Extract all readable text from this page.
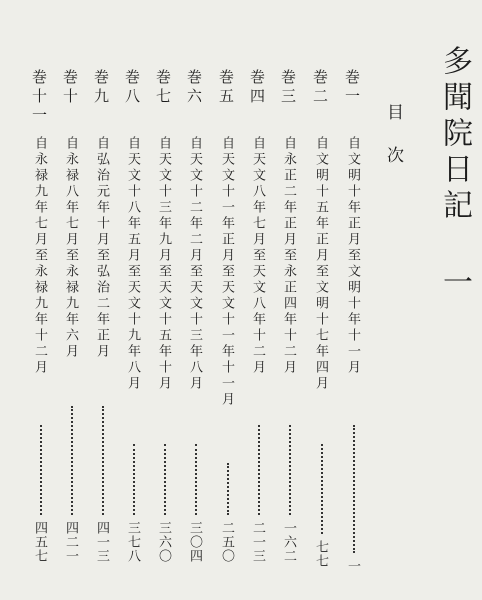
多聞院日記 一
目次
巻一
自文明十年正月至文明十年十一月
一
巻二
自文明十五年正月至文明十七年四月
七七
巻三
自永正二年正月至永正四年十二月
一六二
巻四
自天文八年七月至天文八年十二月
二一三
巻五
自天文十一年正月至天文十一年十一月
二五〇
巻六
自天文十二年二月至天文十三年八月
三〇四
巻七
自天文十三年九月至天文十五年十月
三六〇
巻八
自天文十八年五月至天文十九年八月
三七八
巻九
自弘治元年十月至弘治二年正月
四一三
巻十
自永禄八年七月至永禄九年六月
四二一
巻十一
自永禄九年七月至永禄九年十二月
四五七
